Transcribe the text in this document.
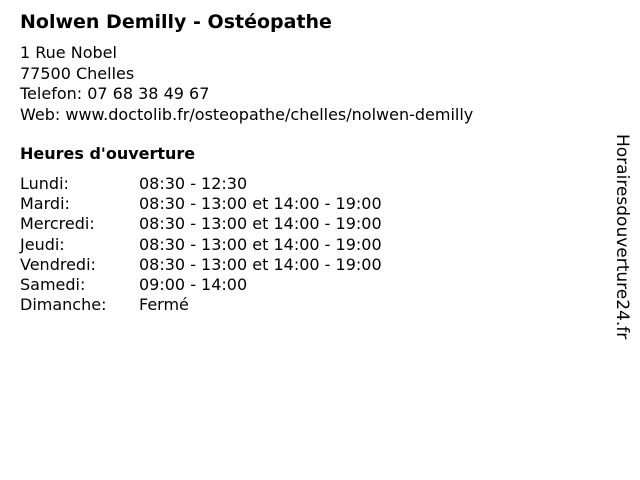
Nolwen Demilly - Ostéopathe
1 Rue Nobel
77500 Chelles
Telefon: 07 68 38 49 67
Web: www.doctolib.fr/osteopathe/chelles/nolwen-demilly
Heures d'ouverture
Lundi:	08:30 - 12:30
Mardi:	08:30 - 13:00 et 14:00 - 19:00
Mercredi:	08:30 - 13:00 et 14:00 - 19:00
Jeudi:	08:30 - 13:00 et 14:00 - 19:00
Vendredi:	08:30 - 13:00 et 14:00 - 19:00
Samedi:	09:00 - 14:00
Dimanche: Fermé	Horairesdouverture24.fr
